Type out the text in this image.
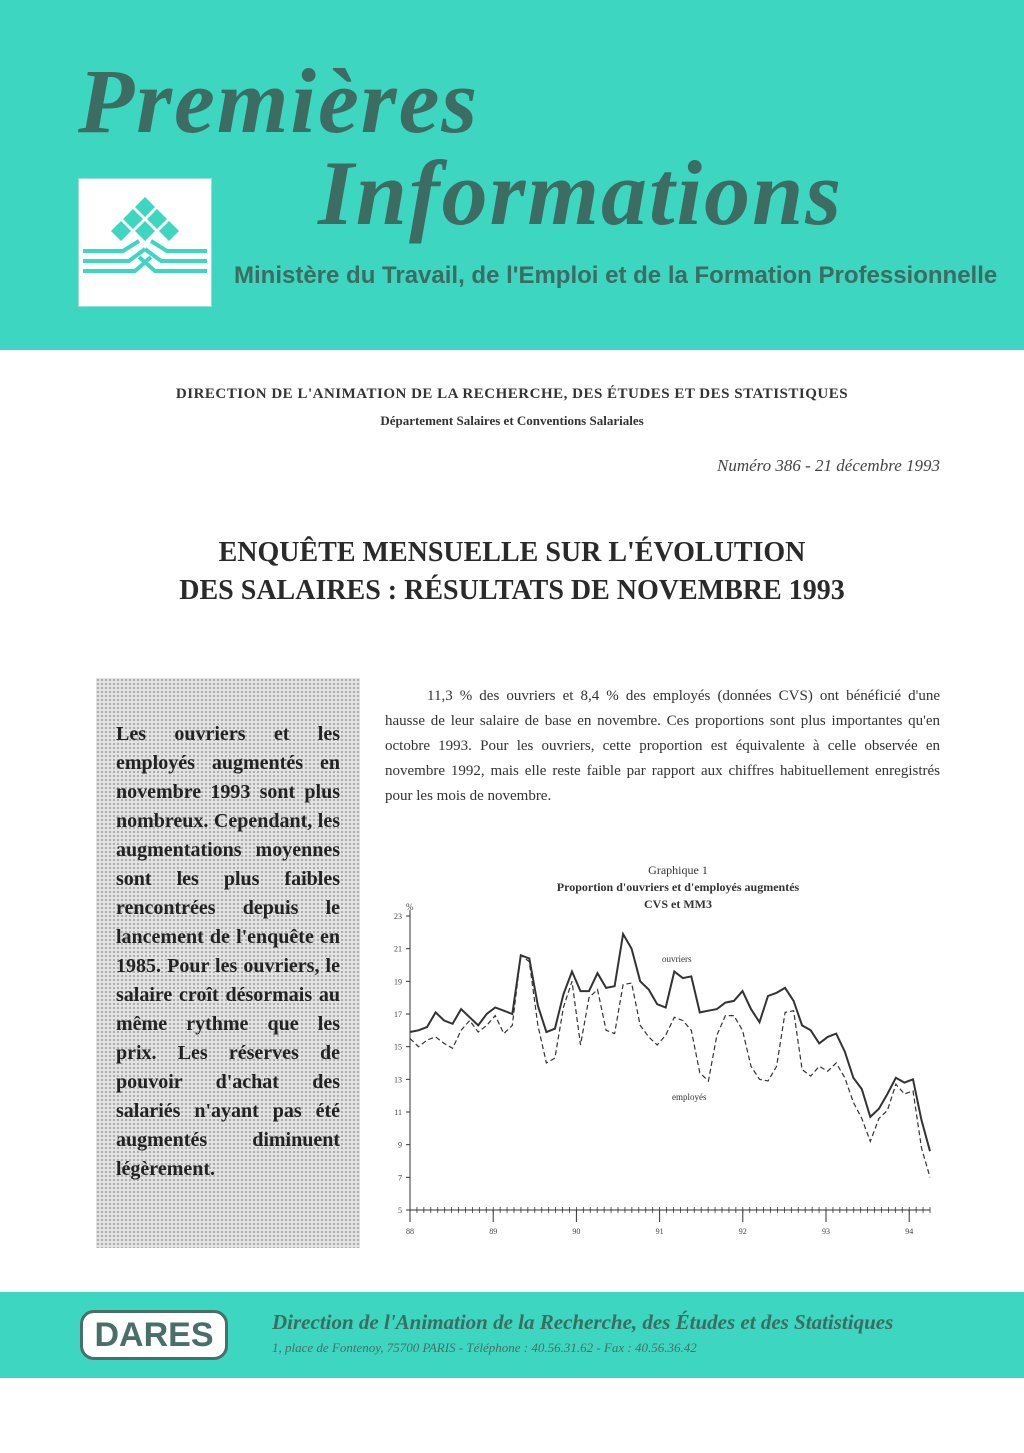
Premières
Informations
Ministère du Travail, de l'Emploi et de la Formation Professionnelle
DIRECTION DE L'ANIMATION DE LA RECHERCHE, DES ÉTUDES ET DES STATISTIQUES
Département Salaires et Conventions Salariales
Numéro 386 - 21 décembre 1993
ENQUÊTE MENSUELLE SUR L'ÉVOLUTION
DES SALAIRES : RÉSULTATS DE NOVEMBRE 1993
Les ouvriers et les employés augmentés en novembre 1993 sont plus nombreux. Cependant, les augmentations moyennes sont les plus faibles rencontrées depuis le lancement de l'enquête en 1985. Pour les ouvriers, le salaire croît désormais au même rythme que les prix. Les réserves de pouvoir d'achat des salariés n'ayant pas été augmentés diminuent légèrement.
11,3 % des ouvriers et 8,4 % des employés (données CVS) ont bénéficié d'une hausse de leur salaire de base en novembre. Ces proportions sont plus importantes qu'en octobre 1993. Pour les ouvriers, cette proportion est équivalente à celle observée en novembre 1992, mais elle reste faible par rapport aux chiffres habituellement enregistrés pour les mois de novembre.
Graphique 1
Proportion d'ouvriers et d'employés augmentés
CVS et MM3
%
23
21
19
17
15
13
11
9
7
5
88	89	90	91	92	93	94
ouvriers
employés
DARES	Direction de l'Animation de la Recherche, des Études et des Statistiques
1, place de Fontenoy, 75700 PARIS - Téléphone : 40.56.31.62 - Fax : 40.56.36.42
